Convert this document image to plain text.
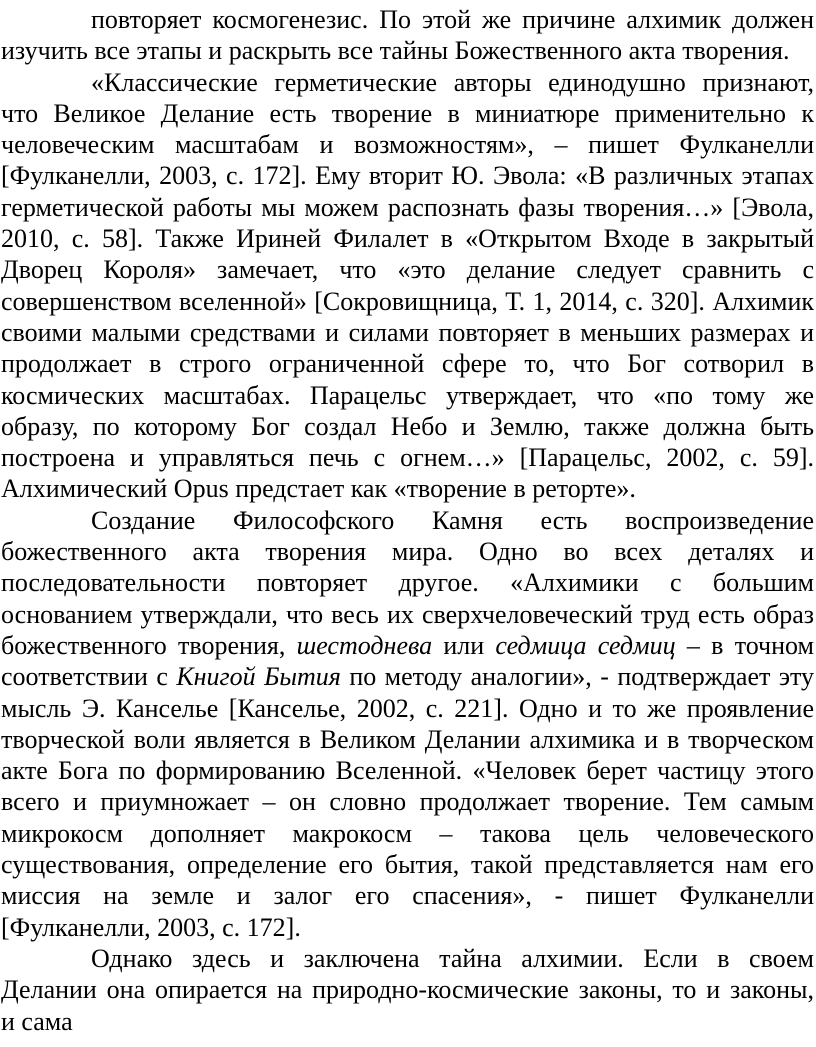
повторяет космогенезис. По этой же причине алхимик должен
изучить все этапы и раскрыть все тайны Божественного акта творения.
«Классические герметические авторы единодушно признают,
что Великое Делание есть творение в миниатюре применительно к
человеческим масштабам и возможностям», – пишет Фулканелли
[Фулканелли, 2003, с. 172]. Ему вторит Ю. Эвола: «В различных этапах
герметической работы мы можем распознать фазы творения…» [Эвола,
2010, с. 58]. Также Ириней Филалет в «Открытом Входе в закрытый
Дворец Короля» замечает, что «это делание следует сравнить с
совершенством вселенной» [Сокровищница, Т. 1, 2014, с. 320]. Алхимик
своими малыми средствами и силами повторяет в меньших размерах и
продолжает в строго ограниченной сфере то, что Бог сотворил в
космических масштабах. Парацельс утверждает, что «по тому же
образу, по которому Бог создал Небо и Землю, также должна быть
построена и управляться печь с огнем…» [Парацельс, 2002, с. 59].
Алхимический Opus предстает как «творение в реторте».
Создание Философского Камня есть воспроизведение
божественного акта творения мира. Одно во всех деталях и
последовательности повторяет другое. «Алхимики с большим
основанием утверждали, что весь их сверхчеловеческий труд есть образ
божественного творения, шестоднева или седмица седмиц – в точном
соответствии с Книгой Бытия по методу аналогии», - подтверждает эту
мысль Э. Канселье [Канселье, 2002, с. 221]. Одно и то же проявление
творческой воли является в Великом Делании алхимика и в творческом
акте Бога по формированию Вселенной. «Человек берет частицу этого
всего и приумножает – он словно продолжает творение. Тем самым
микрокосм дополняет макрокосм – такова цель человеческого
существования, определение его бытия, такой представляется нам его
миссия на земле и залог его спасения», - пишет Фулканелли
[Фулканелли, 2003, с. 172].
Однако здесь и заключена тайна алхимии. Если в своем
Делании она опирается на природно-космические законы, то и законы,
и сама
